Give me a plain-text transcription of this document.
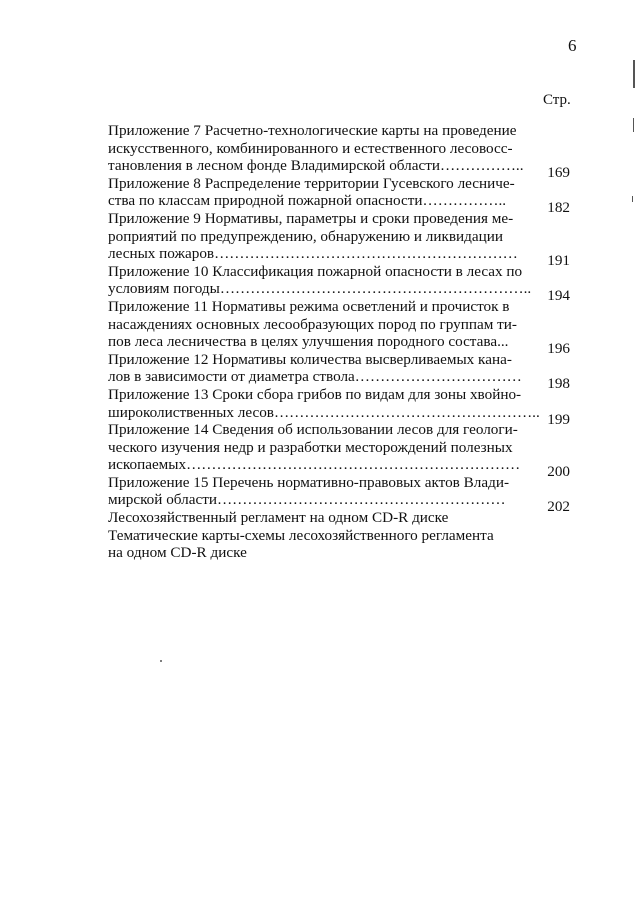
6
Стр.
Приложение 7 Расчетно-технологические карты на проведение
искусственного, комбинированного и естественного лесовосс-
тановления в лесном фонде Владимирской области…………….. 169
Приложение 8 Распределение территории Гусевского лесниче-
ства по классам природной пожарной опасности……………..	182
Приложение 9 Нормативы, параметры и сроки проведения ме-
роприятий по предупреждению, обнаружению и ликвидации
лесных пожаров…………………………………………………… 191
Приложение 10 Классификация пожарной опасности в лесах по
условиям погоды…………………………………………………….. 194
Приложение 11 Нормативы режима осветлений и прочисток в
насаждениях основных лесообразующих пород по группам ти-
пов леса лесничества в целях улучшения породного состава...	196
Приложение 12 Нормативы количества высверливаемых кана-
лов в зависимости от диаметра ствола…………………………… 198
Приложение 13 Сроки сбора грибов по видам для зоны хвойно-
широколиственных лесов…………………………………………….. 199
Приложение 14 Сведения об использовании лесов для геологи-
ческого изучения недр и разработки месторождений полезных
ископаемых………………………………………………………… 200
Приложение 15 Перечень нормативно-правовых актов Влади-
мирской области…………………………………………………	202
Лесохозяйственный регламент на одном CD-R диске
Тематические карты-схемы лесохозяйственного регламента
на одном CD-R диске
